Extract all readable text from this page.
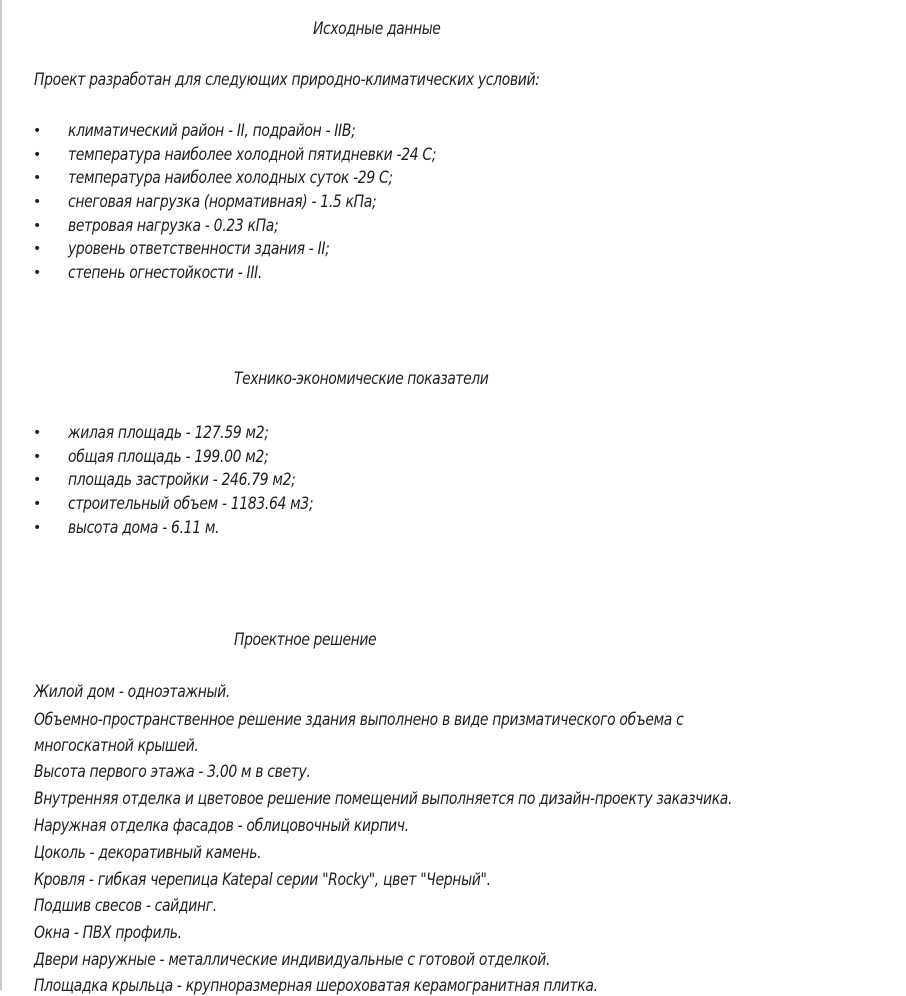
Исходные данные
Проект разработан для следующих природно-климатических условий:
• климатический район - II, подрайон - IIВ;
• температура наиболее холодной пятидневки -24 С;
• температура наиболее холодных суток -29 С;
• снеговая нагрузка (нормативная) - 1.5 кПа;
• ветровая нагрузка - 0.23 кПа;
• уровень ответственности здания - II;
• степень огнестойкости - III.
Технико-экономические показатели
• жилая площадь - 127.59 м2;
• общая площадь - 199.00 м2;
• площадь застройки - 246.79 м2;
• строительный объем - 1183.64 м3;
• высота дома - 6.11 м.
Проектное решение
Жилой дом - одноэтажный.
Объемно-пространственное решение здания выполнено в виде призматического объема с
многоскатной крышей.
Высота первого этажа - 3.00 м в свету.
Внутренняя отделка и цветовое решение помещений выполняется по дизайн-проекту заказчика.
Наружная отделка фасадов - облицовочный кирпич.
Цоколь - декоративный камень.
Кровля - гибкая черепица Katepal серии "Rocky", цвет "Черный".
Подшив свесов - сайдинг.
Окна - ПВХ профиль.
Двери наружные - металлические индивидуальные с готовой отделкой.
Площадка крыльца - крупноразмерная шероховатая керамогранитная плитка.
